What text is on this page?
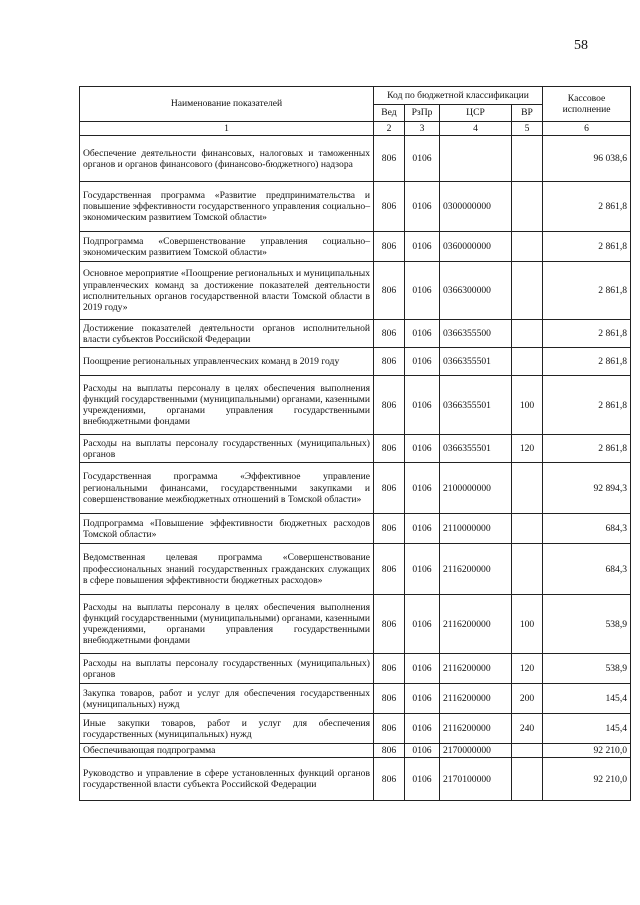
58
Наименование показателей	Код по бюджетной классификации				Кассовое исполнение
	Вед	РзПр	ЦСР	ВР	
1	2	3	4	5	6
Обеспечение деятельности финансовых, налоговых и таможенных органов и органов финансового (финансово-бюджетного) надзора	806	0106			96 038,6
Государственная программа «Развитие предпринимательства и повышение эффективности государственного управления социально–экономическим развитием Томской области»	806	0106	0300000000		2 861,8
Подпрограмма «Совершенствование управления социально–экономическим развитием Томской области»	806	0106	0360000000		2 861,8
Основное мероприятие «Поощрение региональных и муниципальных управленческих команд за достижение показателей деятельности исполнительных органов государственной власти Томской области в 2019 году»	806	0106	0366300000		2 861,8
Достижение показателей деятельности органов исполнительной власти субъектов Российской Федерации	806	0106	0366355500		2 861,8
Поощрение региональных управленческих команд в 2019 году	806	0106	0366355501		2 861,8
Расходы на выплаты персоналу в целях обеспечения выполнения функций государственными (муниципальными) органами, казенными учреждениями, органами управления государственными внебюджетными фондами	806	0106	0366355501	100	2 861,8
Расходы на выплаты персоналу государственных (муниципальных) органов	806	0106	0366355501	120	2 861,8
Государственная программа «Эффективное управление региональными финансами, государственными закупками и совершенствование межбюджетных отношений в Томской области»	806	0106	2100000000		92 894,3
Подпрограмма «Повышение эффективности бюджетных расходов Томской области»	806	0106	2110000000		684,3
Ведомственная целевая программа «Совершенствование профессиональных знаний государственных гражданских служащих в сфере повышения эффективности бюджетных расходов»	806	0106	2116200000		684,3
Расходы на выплаты персоналу в целях обеспечения выполнения функций государственными (муниципальными) органами, казенными учреждениями, органами управления государственными внебюджетными фондами	806	0106	2116200000	100	538,9
Расходы на выплаты персоналу государственных (муниципальных) органов	806	0106	2116200000	120	538,9
Закупка товаров, работ и услуг для обеспечения государственных (муниципальных) нужд	806	0106	2116200000	200	145,4
Иные закупки товаров, работ и услуг для обеспечения государственных (муниципальных) нужд	806	0106	2116200000	240	145,4
Обеспечивающая подпрограмма	806	0106	2170000000		92 210,0
Руководство и управление в сфере установленных функций органов государственной власти субъекта Российской Федерации	806	0106	2170100000		92 210,0
